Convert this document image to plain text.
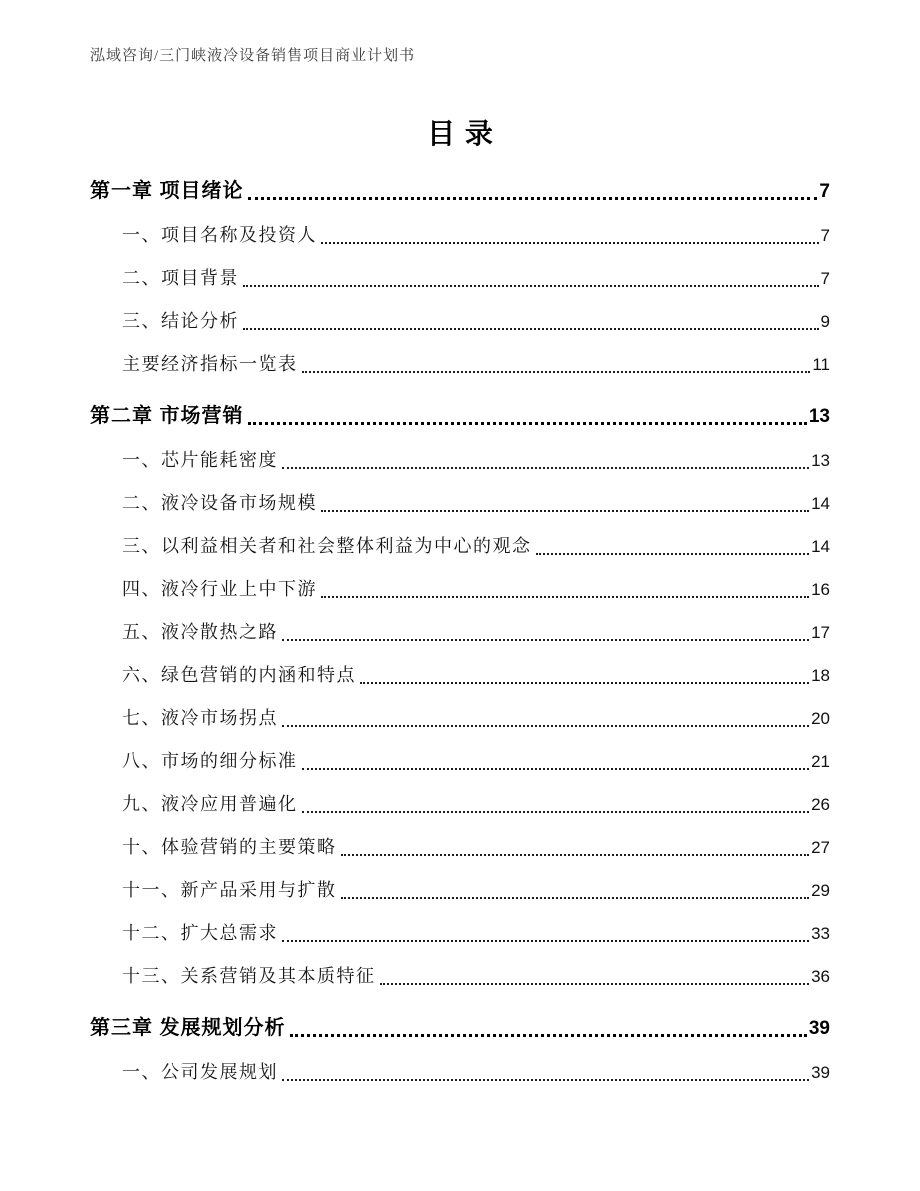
泓域咨询/三门峡液冷设备销售项目商业计划书
目录
第一章 项目绪论	7
一、项目名称及投资人	7
二、项目背景	7
三、结论分析	9
主要经济指标一览表	11
第二章 市场营销	13
一、芯片能耗密度	13
二、液冷设备市场规模	14
三、以利益相关者和社会整体利益为中心的观念	14
四、液冷行业上中下游	16
五、液冷散热之路	17
六、绿色营销的内涵和特点	18
七、液冷市场拐点	20
八、市场的细分标准	21
九、液冷应用普遍化	26
十、体验营销的主要策略	27
十一、新产品采用与扩散	29
十二、扩大总需求	33
十三、关系营销及其本质特征	36
第三章 发展规划分析	39
一、公司发展规划	39
